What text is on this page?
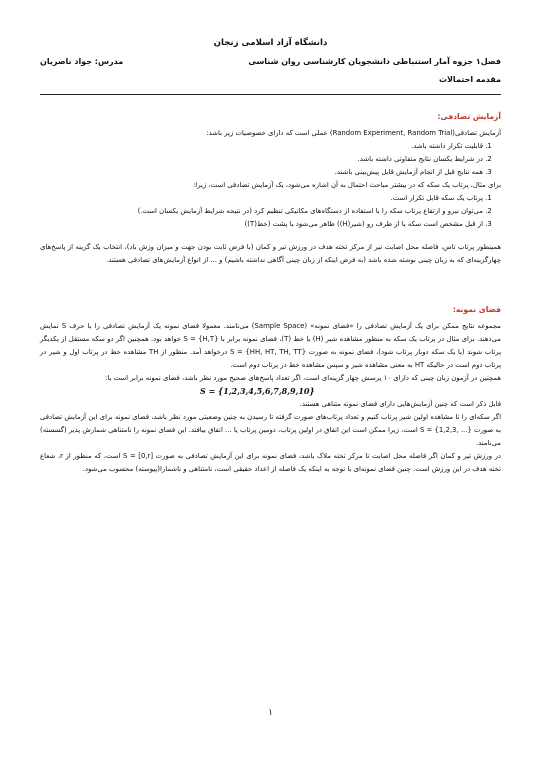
دانشگاه آزاد اسلامی زنجان
فصل۱ جزوه آمار استنباطی دانشجویان کارشناسی روان شناسی
مدرس: جواد ناصریان
مقدمه احتمالات
آزمایش تصادفی:

آزمایش تصادفی(Random Experiment, Random Trial) عملی است که دارای خصوصیات زیر باشد:

1. قابلیت تکرار داشته باشد.
2. در شرایط یکسان نتایج متفاوتی داشته باشد.
3. همه نتایج قبل از انجام آزمایش قابل پیش‌بینی باشند.

برای مثال، پرتاب یک سکه که در بیشتر مباحث احتمال به آن اشاره می‌شود، یک آزمایش تصادفی است، زیرا:

1. پرتاب یک سکه قابل تکرار است.
2. می‌توان نیرو و ارتفاع پرتاب سکه را با استفاده از دستگاه‌های مکانیکی تنظیم کرد (در نتیجه شرایط آزمایش یکسان است.)
3. از قبل مشخص است سکه یا از طرف رو (شیر(H)) ظاهر می‌شود یا پشت (خط(T))

همینطور پرتاب تاس، فاصله محل اصابت تیر از مرکز تخته هدف در ورزش تیر و کمان (با فرض ثابت بودن جهت و میزان وزش باد)، انتخاب یک گزینه از پاسخ‌های چهارگزینه‌ای که به زبان چینی نوشته شده باشد (به فرض اینکه از زبان چینی آگاهی نداشته باشیم) و ... از انواع آزمایش‌های تصادفی هستند.

فضای نمونه:

مجموعه نتایج ممکن برای یک آزمایش تصادفی را «فضای نمونه» (Sample Space) می‌نامند. معمولا فضای نمونه یک آزمایش تصادفی را با حرف S نمایش می‌دهند. برای مثال در پرتاب یک سکه به منظور مشاهده شیر (H) یا خط (T)، فضای نمونه برابر با S = {H,T} خواهد بود. همچنین اگر دو سکه مستقل از یکدیگر پرتاب شوند (یا یک سکه دوبار پرتاب شود)، فضای نمونه به صورت S = {HH, HT, TH, TT} درخواهد آمد. منظور از TH مشاهده خط در پرتاب اول و شیر در پرتاب دوم است در حالیکه HT به معنی مشاهده شیر و سپس مشاهده خط در پرتاب دوم است.

همچنین در آزمون زبان چینی که دارای ۱۰ پرسش چهار گزینه‌ای است، اگر تعداد پاسخ‌های صحیح مورد نظر باشد، فضای نمونه برابر است با:

S = {1,2,3,4,5,6,7,8,9,10}

قابل ذکر است که چنین آزمایش‌هایی دارای فضای نمونه متناهی هستند.

اگر سکه‌ای را تا مشاهده اولین شیر پرتاب کنیم و تعداد پرتاب‌های صورت گرفته تا رسیدن به چنین وضعیتی مورد نظر باشد، فضای نمونه برای این آزمایش تصادفی به صورت S = {1,2,3, ...} است، زیرا ممکن است این اتفاق در اولین پرتاب، دومین پرتاب یا ... اتفاق بیافتد. این فضای نمونه را نامتناهی شمارش پذیر (گسسته) می‌نامند.

در ورزش تیر و کمان اگر فاصله محل اصابت تا مرکز تخته ملاک باشد، فضای نمونه برای این آزمایش تصادفی به صورت S = [0,r] است، که منظور از r، شعاع تخته هدف در این ورزش است. چنین فضای نمونه‌ای با توجه به اینکه یک فاصله از اعداد حقیقی است، نامتناهی و ناشمارا(پیوسته) محسوب می‌شود.

۱
